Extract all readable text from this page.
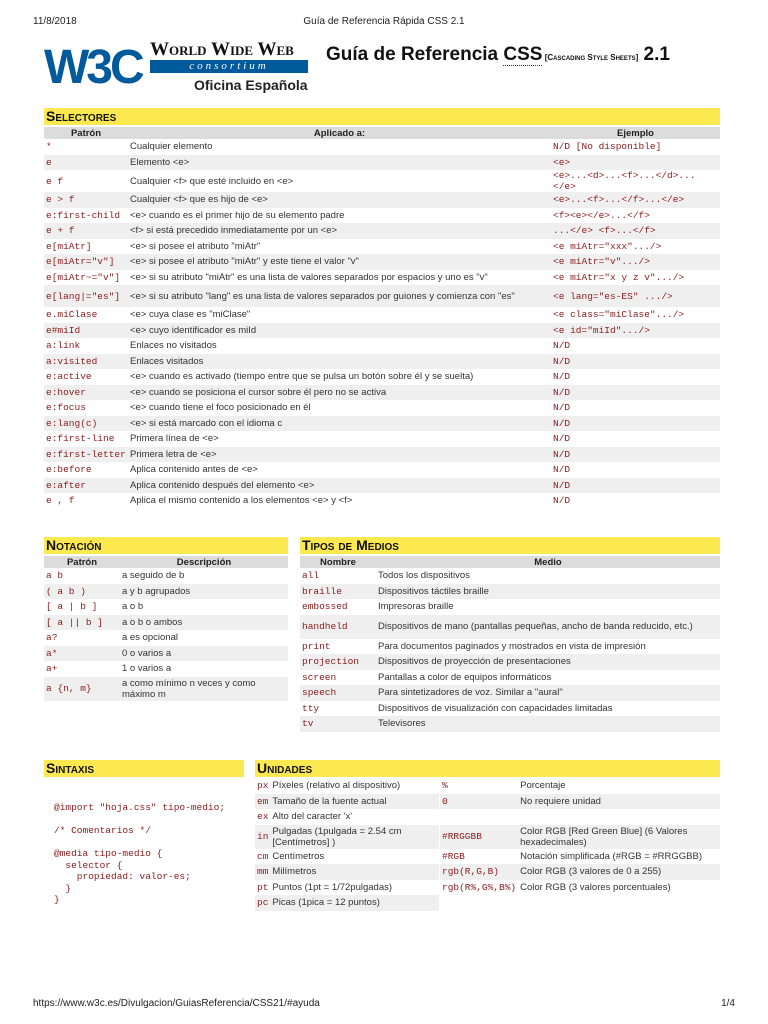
11/8/2018	Guía de Referencia Rápida CSS 2.1
W3C World Wide Web
consortium
Oficina Española
Guía de Referencia CSS [Cascading Style Sheets] 2.1
Selectores
Patrón	Aplicado a:	Ejemplo
*	Cualquier elemento	N/D [No disponible]
e	Elemento <e>	<e>
e f	Cualquier <f> que esté incluido en <e>	<e>...<d>...<f>...</d>...</e>
e > f	Cualquier <f> que es hijo de <e>	<e>...<f>...</f>...</e>
e:first-child	<e> cuando es el primer hijo de su elemento padre	<f><e></e>...</f>
e + f	<f> si está precedido inmediatamente por un <e>	...</e> <f>...</f>
e[miAtr]	<e> si posee el atributo "miAtr"	<e miAtr="xxx".../>
e[miAtr="v"]	<e> si posee el atributo "miAtr" y este tiene el valor "v"	<e miAtr="v".../>
e[miAtr~="v"]	<e> si su atributo "miAtr" es una lista de valores separados por espacios y uno es "v"	<e miAtr="x y z v".../>
e[lang|="es"]	<e> si su atributo "lang" es una lista de valores separados por guiones y comienza con "es"	<e lang="es-ES" .../>
e.miClase	<e> cuya clase es "miClase"	<e class="miClase".../>
e#miId	<e> cuyo identificador es miId	<e id="miId".../>
a:link	Enlaces no visitados	N/D
a:visited	Enlaces visitados	N/D
e:active	<e> cuando es activado (tiempo entre que se pulsa un botón sobre él y se suelta)	N/D
e:hover	<e> cuando se posiciona el cursor sobre él pero no se activa	N/D
e:focus	<e> cuando tiene el foco posicionado en él	N/D
e:lang(c)	<e> si está marcado con el idioma c	N/D
e:first-line	Primera línea de <e>	N/D
e:first-letter	Primera letra de <e>	N/D
e:before	Aplica contenido antes de <e>	N/D
e:after	Aplica contenido después del elemento <e>	N/D
e , f	Aplica el mismo contenido a los elementos <e> y <f>	N/D
Notación
Patrón	Descripción
a b	a seguido de b
( a b )	a y b agrupados
[ a | b ]	a o b
[ a || b ]	a o b o ambos
a?	a es opcional
a*	0 o varios a
a+	1 o varios a
a {n, m}	a como mínimo n veces y como máximo m
Tipos de Medios
Nombre	Medio
all	Todos los dispositivos
braille	Dispositivos táctiles braille
embossed	Impresoras braille
handheld	Dispositivos de mano (pantallas pequeñas, ancho de banda reducido, etc.)
print	Para documentos paginados y mostrados en vista de impresión
projection	Dispositivos de proyección de presentaciones
screen	Pantallas a color de equipos informáticos
speech	Para sintetizadores de voz. Similar a "aural"
tty	Dispositivos de visualización con capacidades limitadas
tv	Televisores
Sintaxis
@import "hoja.css" tipo-medio;

/* Comentarios */

@media tipo-medio {
selector {
propiedad: valor-es;
}
}
Unidades
px	Píxeles (relativo al dispositivo)
em	Tamaño de la fuente actual
ex	Alto del caracter 'x'
in	Pulgadas (1pulgada = 2.54 cm [Centímetros] )
cm	Centímetros
mm	Milímetros
pt	Puntos (1pt = 1/72pulgadas)
pc	Picas (1pica = 12 puntos)
%	Porcentaje
0	No requiere unidad

#RRGGBB	Color RGB [Red Green Blue] (6 Valores hexadecimales)
#RGB	Notación simplificada (#RGB = #RRGGBB)
rgb(R,G,B)	Color RGB (3 valores de 0 a 255)
rgb(R%,G%,B%)	Color RGB (3 valores porcentuales)
https://www.w3c.es/Divulgacion/GuiasReferencia/CSS21/#ayuda	1/4
